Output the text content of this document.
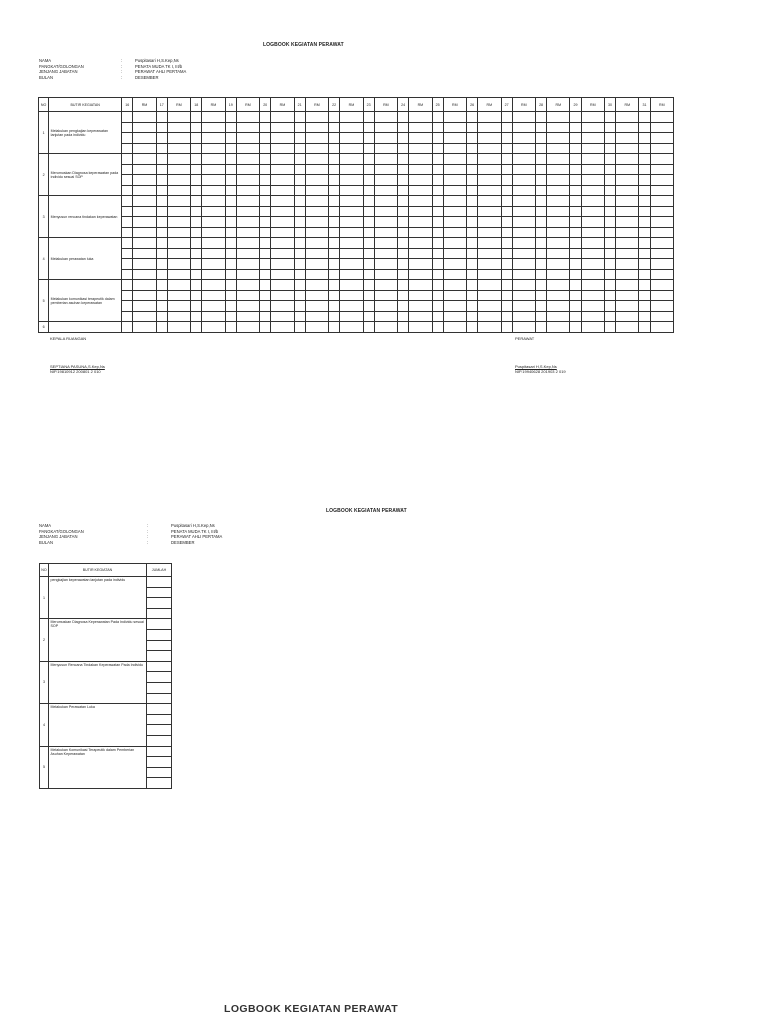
LOGBOOK KEGIATAN PERAWAT
NAMA	:	Puspitasari H,S.Kep,Ns
PANGKAT/GOLONGAN	:	PENATA MUDA TK I, III/b
JENJANG JABATAN	:	PERAWAT AHLI PERTAMA
BULAN	:	DESEMBER
NO	BUTIR KEGIATAN	16	RM	17	RM	18	RM	19	RM	20	RM	21	RM	22	RM	23	RM	24	RM	25	RM	26	RM	27	RM	28	RM	29	RM	30	RM	31	RM
1	Melakukan pengkajian keperawatan lanjutan pada individu																																

2	Merumuskan Diagnosa keperawatan pada individu sesuai SOP																																

3	Menyusun rencana tindakan keperawatan																																

4	Melakukan perawatan luka																																

5	Melakukan komunikasi terapeutik dalam pemberian asuhan keperawatan																																

6																																	
KEPALA RUANGAN
SEPTIANA PASUNA,S.Kep,Ns
NIP.19810912 200801 2 010
PERAWAT
Puspitasari H,S.Kep,Ns
NIP.19940628 201903 2 019
LOGBOOK KEGIATAN PERAWAT
NAMA	:	Puspitasari H,S.Kep,Ns
PANGKAT/GOLONGAN	:	PENATA MUDA TK I, III/b
JENJANG JABATAN	:	PERAWAT AHLI PERTAMA
BULAN	:	DESEMBER
NO	BUTIR KEGIATAN	JUMLAH
1	pengkajian keperawatan lanjutan pada individu	

2	Merumuskan Diagnosa Keperawatan Pada Individu sesuai SOP	

3	Menyusun Rencana Tindakan Keperawatan Pada Individu	

4	Melakukan Perawatan Luka	

5	Melakukan Komunikasi Terapeutik dalam Pemberian Asuhan Keperawatan	

LOGBOOK KEGIATAN PERAWAT
